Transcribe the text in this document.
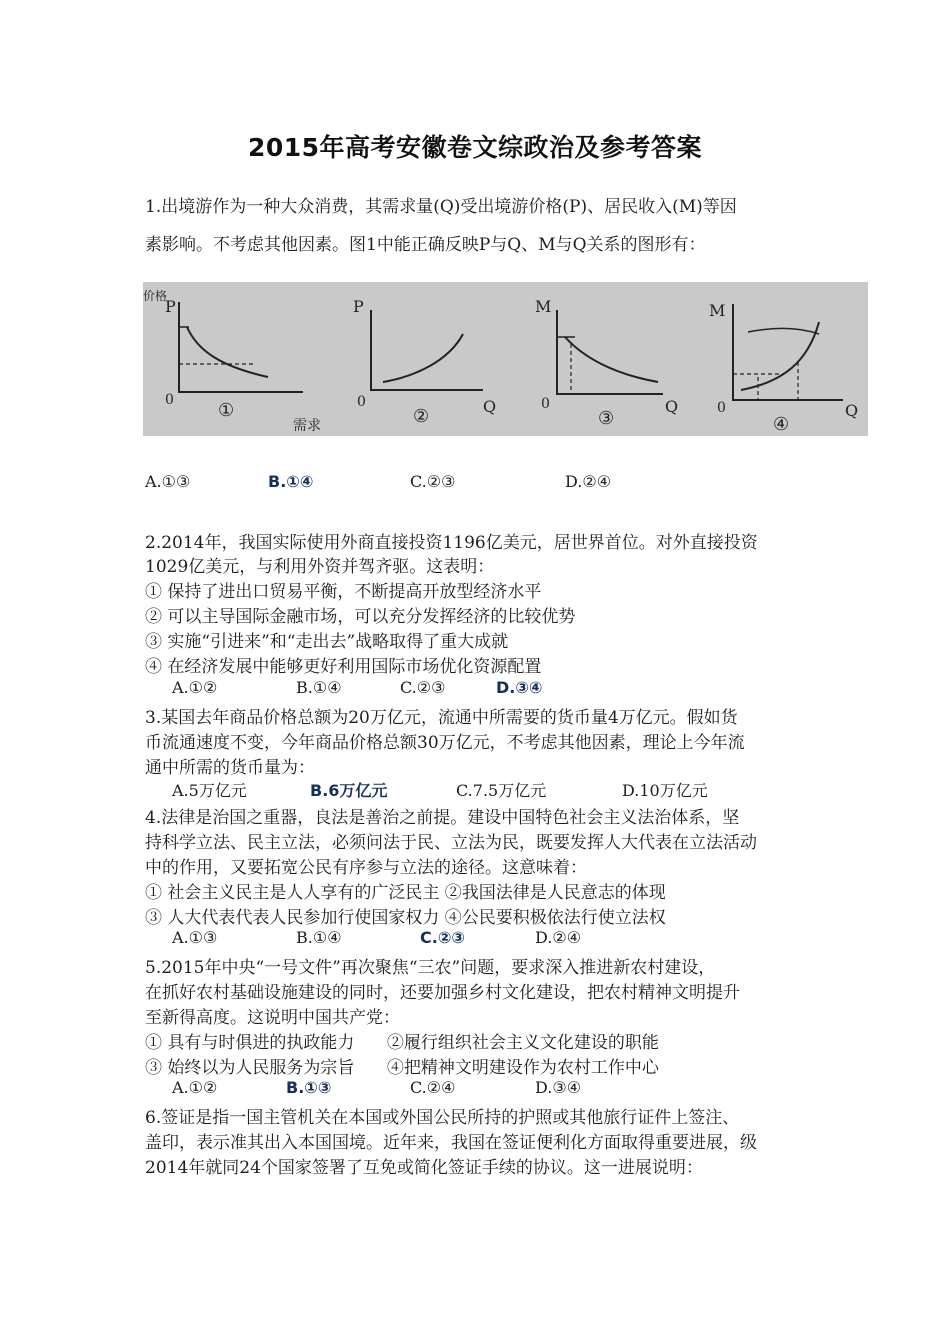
2015年高考安徽卷文综政治及参考答案
1.出境游作为一种大众消费，其需求量(Q)受出境游价格(P)、居民收入(M)等因
素影响。不考虑其他因素。图1中能正确反映P与Q、M与Q关系的图形有：
P
价格
0 ①
需求
P
Q
0
②
M
Q
0
③
M
Q
0
④
A.①③	B.①④	C.②③	D.②④
2.2014年，我国实际使用外商直接投资1196亿美元，居世界首位。对外直接投资
1029亿美元，与利用外资并驾齐驱。这表明：
① 保持了进出口贸易平衡，不断提高开放型经济水平
② 可以主导国际金融市场，可以充分发挥经济的比较优势
③ 实施“引进来”和“走出去”战略取得了重大成就
④ 在经济发展中能够更好利用国际市场优化资源配置
A.①②	B.①④	C.②③	D.③④
3.某国去年商品价格总额为20万亿元，流通中所需要的货币量4万亿元。假如货
币流通速度不变，今年商品价格总额30万亿元，不考虑其他因素，理论上今年流
通中所需的货币量为：
A.5万亿元	B.6万亿元	C.7.5万亿元	D.10万亿元
4.法律是治国之重器，良法是善治之前提。建设中国特色社会主义法治体系，坚
持科学立法、民主立法，必须问法于民、立法为民，既要发挥人大代表在立法活动
中的作用，又要拓宽公民有序参与立法的途径。这意味着：
① 社会主义民主是人人享有的广泛民主 ②我国法律是人民意志的体现
③ 人大代表代表人民参加行使国家权力 ④公民要积极依法行使立法权
A.①③	B.①④	C.②③	D.②④
5.2015年中央“一号文件”再次聚焦“三农”问题，要求深入推进新农村建设，
在抓好农村基础设施建设的同时，还要加强乡村文化建设，把农村精神文明提升
至新得高度。这说明中国共产党：
① 具有与时俱进的执政能力      ②履行组织社会主义文化建设的职能
③ 始终以为人民服务为宗旨      ④把精神文明建设作为农村工作中心
A.①②	B.①③	C.②④	D.③④
6.签证是指一国主管机关在本国或外国公民所持的护照或其他旅行证件上签注、
盖印，表示准其出入本国国境。近年来，我国在签证便利化方面取得重要进展，级
2014年就同24个国家签署了互免或简化签证手续的协议。这一进展说明：
